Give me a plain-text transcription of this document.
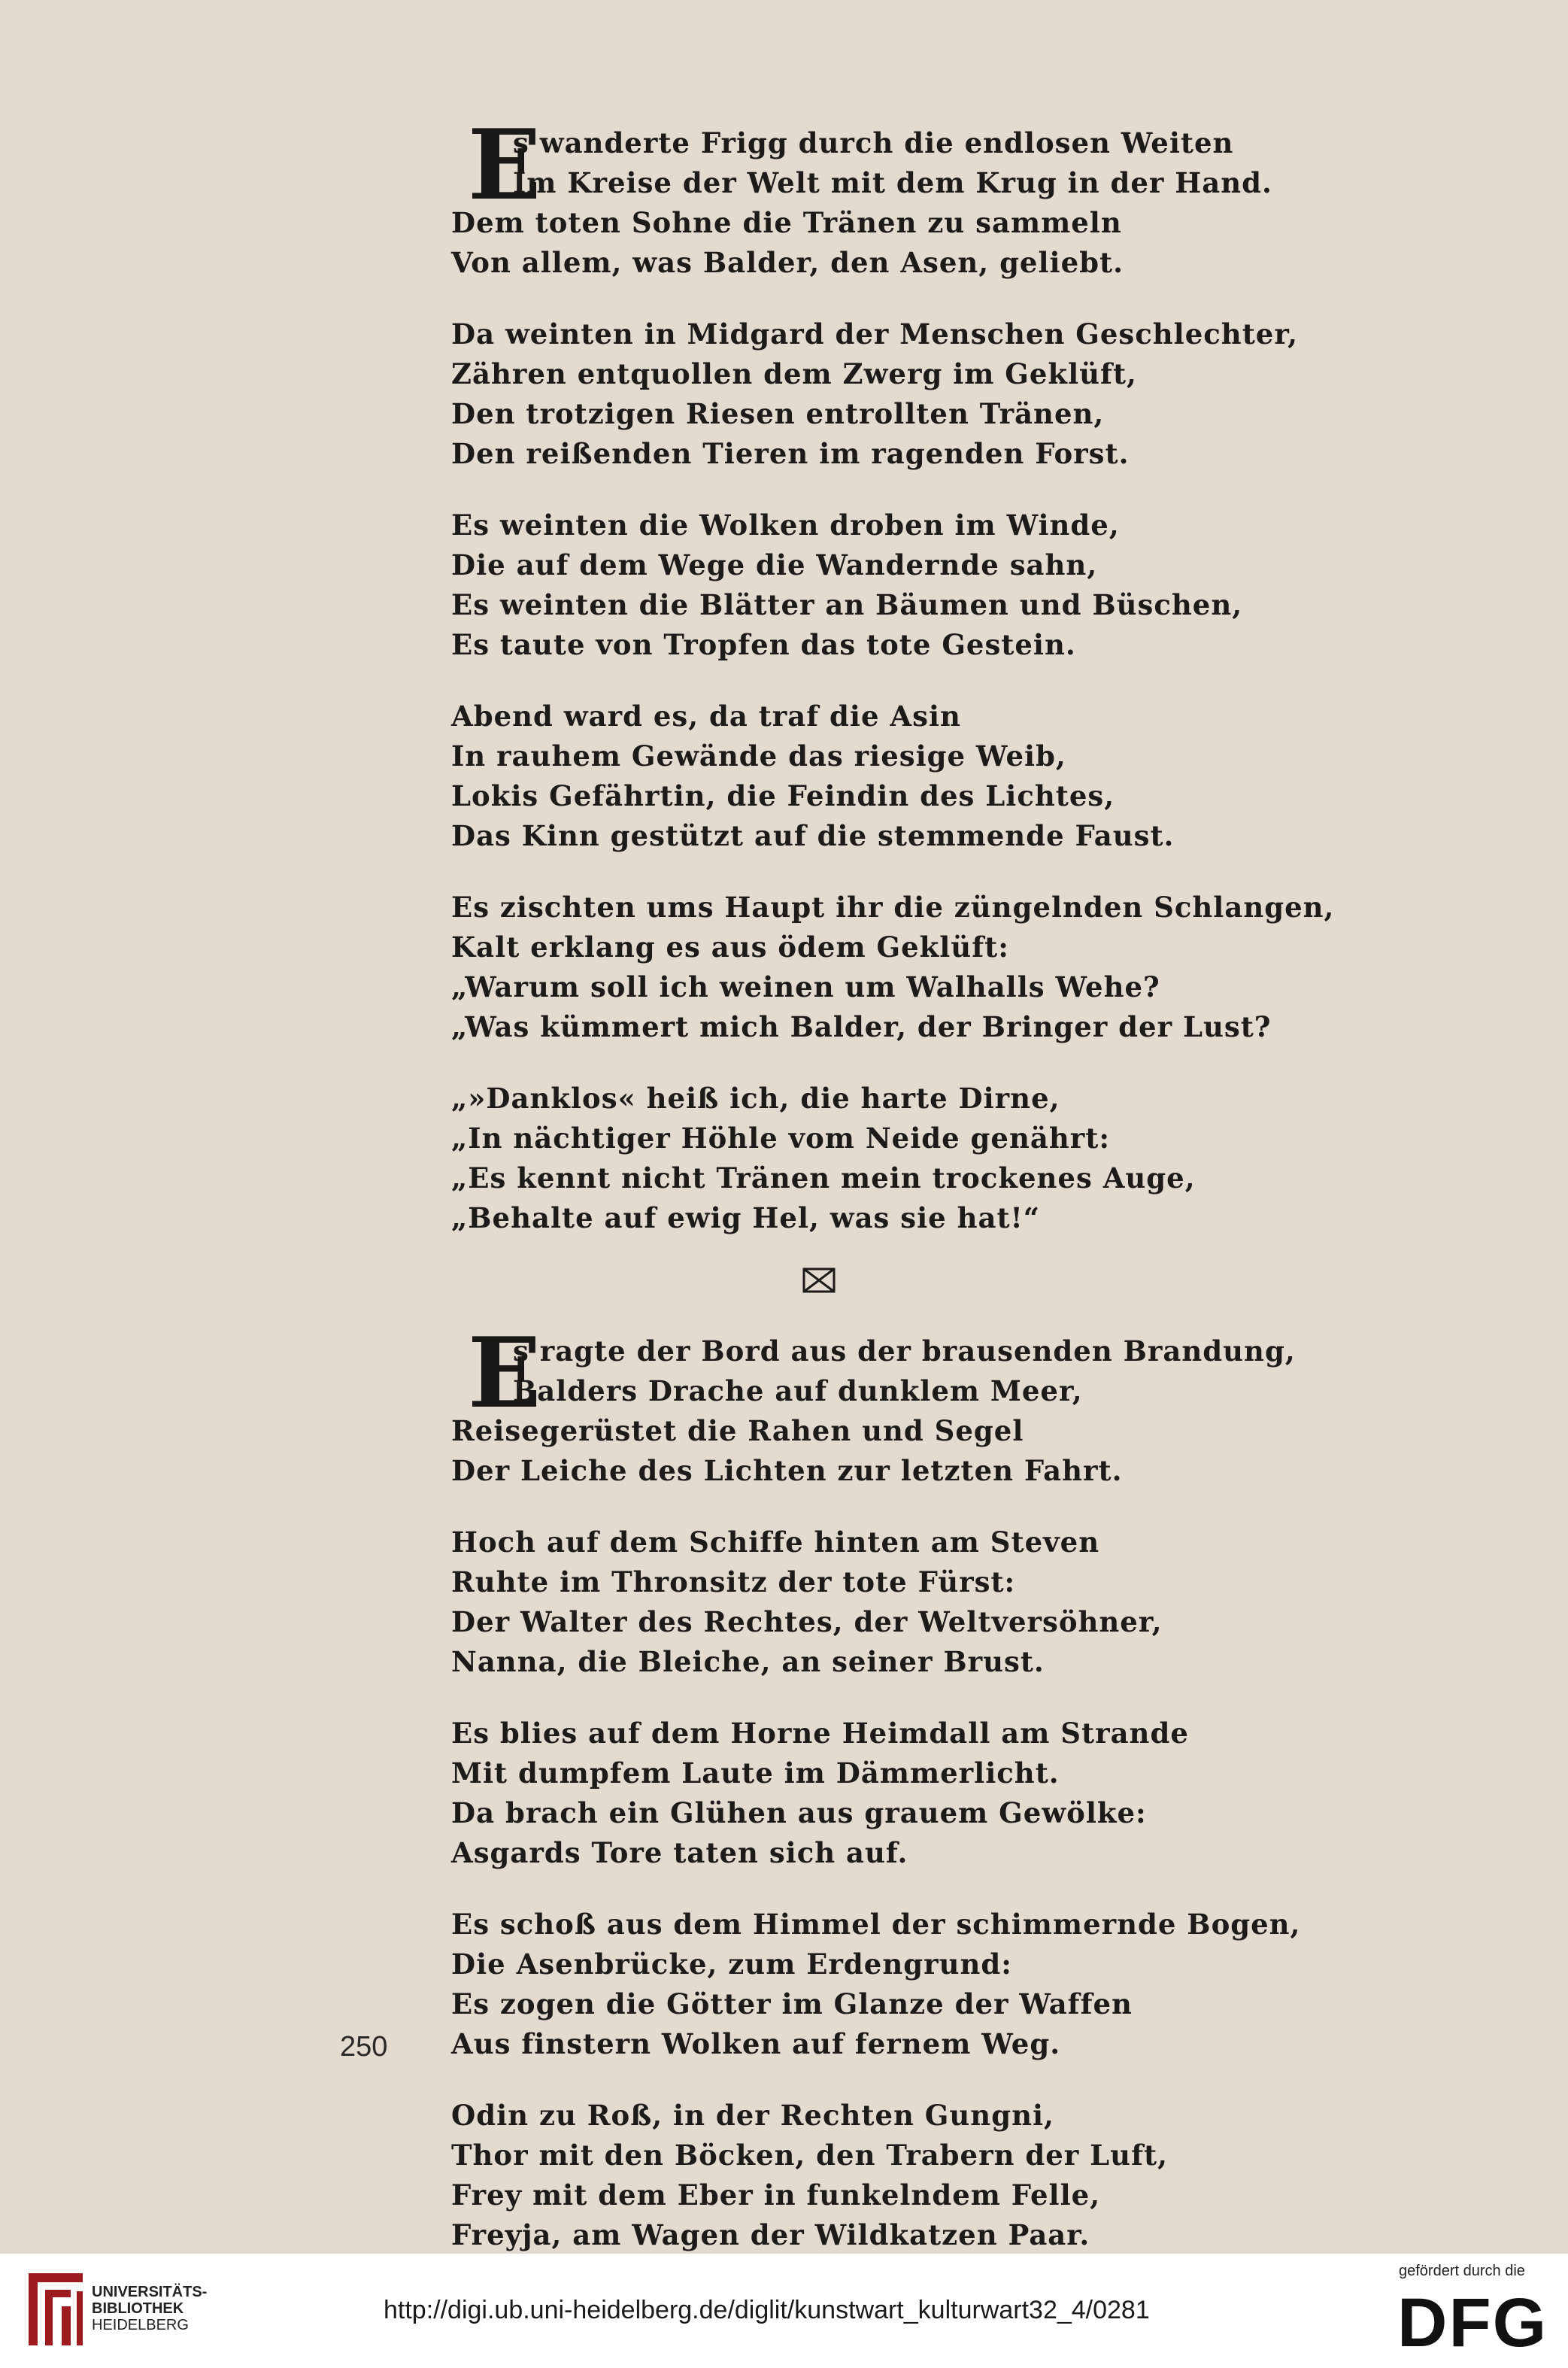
E
s wanderte Frigg durch die endlosen Weiten
Im Kreise der Welt mit dem Krug in der Hand.
Dem toten Sohne die Tränen zu sammeln
Von allem, was Balder, den Asen, geliebt.
Da weinten in Midgard der Menschen Geschlechter,
Zähren entquollen dem Zwerg im Geklüft,
Den trotzigen Riesen entrollten Tränen,
Den reißenden Tieren im ragenden Forst.
Es weinten die Wolken droben im Winde,
Die auf dem Wege die Wandernde sahn,
Es weinten die Blätter an Bäumen und Büschen,
Es taute von Tropfen das tote Gestein.
Abend ward es, da traf die Asin
In rauhem Gewände das riesige Weib,
Lokis Gefährtin, die Feindin des Lichtes,
Das Kinn gestützt auf die stemmende Faust.
Es zischten ums Haupt ihr die züngelnden Schlangen,
Kalt erklang es aus ödem Geklüft:
„Warum soll ich weinen um Walhalls Wehe?
„Was kümmert mich Balder, der Bringer der Lust?
„»Danklos« heiß ich, die harte Dirne,
„In nächtiger Höhle vom Neide genährt:
„Es kennt nicht Tränen mein trockenes Auge,
„Behalte auf ewig Hel, was sie hat!“
E
s ragte der Bord aus der brausenden Brandung,
Balders Drache auf dunklem Meer,
Reisegerüstet die Rahen und Segel
Der Leiche des Lichten zur letzten Fahrt.
Hoch auf dem Schiffe hinten am Steven
Ruhte im Thronsitz der tote Fürst:
Der Walter des Rechtes, der Weltversöhner,
Nanna, die Bleiche, an seiner Brust.
Es blies auf dem Horne Heimdall am Strande
Mit dumpfem Laute im Dämmerlicht.
Da brach ein Glühen aus grauem Gewölke:
Asgards Tore taten sich auf.
Es schoß aus dem Himmel der schimmernde Bogen,
Die Asenbrücke, zum Erdengrund:
Es zogen die Götter im Glanze der Waffen
Aus finstern Wolken auf fernem Weg.
Odin zu Roß, in der Rechten Gungni,
Thor mit den Böcken, den Trabern der Luft,
Frey mit dem Eber in funkelndem Felle,
Freyja, am Wagen der Wildkatzen Paar.
250
UNIVERSITÄTS-
BIBLIOTHEK
HEIDELBERG
http://digi.ub.uni-heidelberg.de/diglit/kunstwart_kulturwart32_4/0281
gefördert durch die
DFG
